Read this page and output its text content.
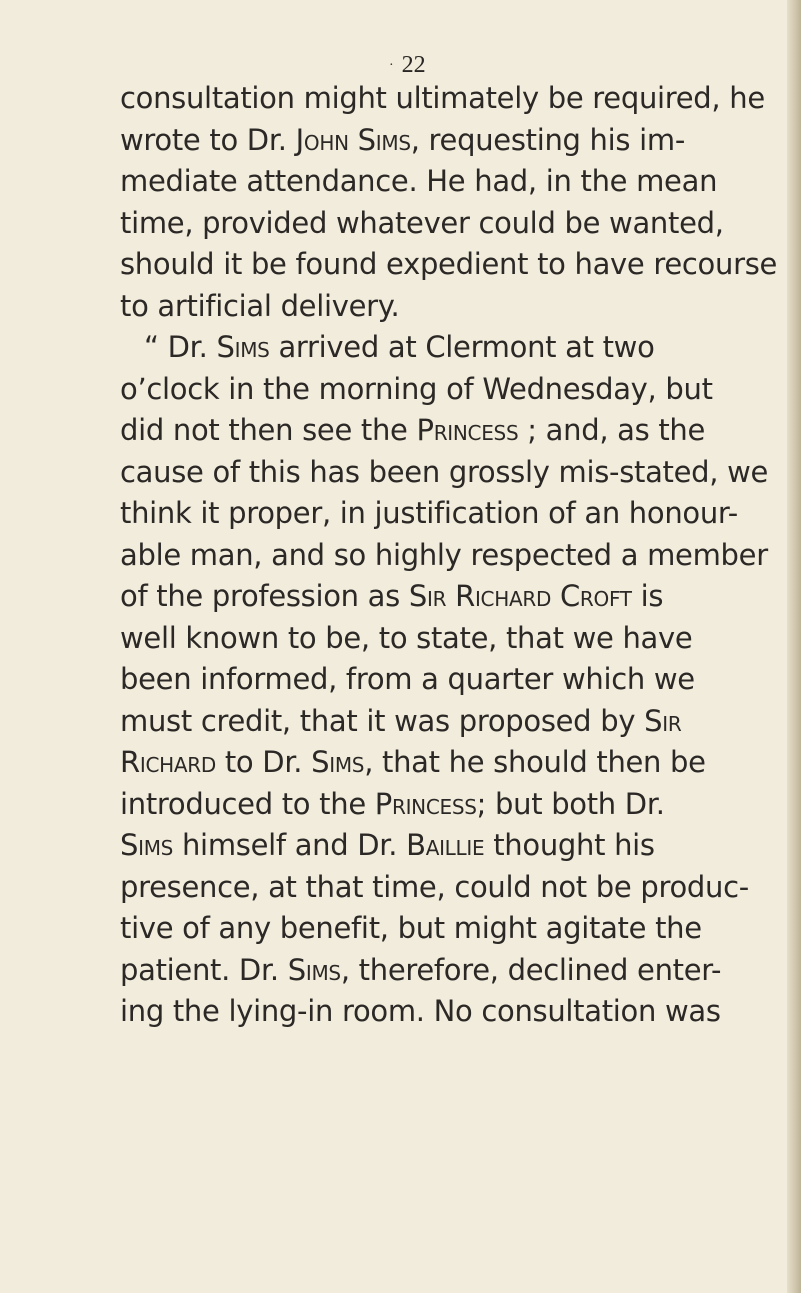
· 22
consultation might ultimately be required, he
wrote to Dr. John Sims, requesting his im-
mediate attendance. He had, in the mean
time, provided whatever could be wanted,
should it be found expedient to have recourse
to artificial delivery.
“ Dr. Sims arrived at Clermont at two
o’clock in the morning of Wednesday, but
did not then see the Princess ; and, as the
cause of this has been grossly mis-stated, we
think it proper, in justification of an honour-
able man, and so highly respected a member
of the profession as Sir Richard Croft is
well known to be, to state, that we have
been informed, from a quarter which we
must credit, that it was proposed by Sir
Richard to Dr. Sims, that he should then be
introduced to the Princess; but both Dr.
Sims himself and Dr. Baillie thought his
presence, at that time, could not be produc-
tive of any benefit, but might agitate the
patient. Dr. Sims, therefore, declined enter-
ing the lying-in room. No consultation was
